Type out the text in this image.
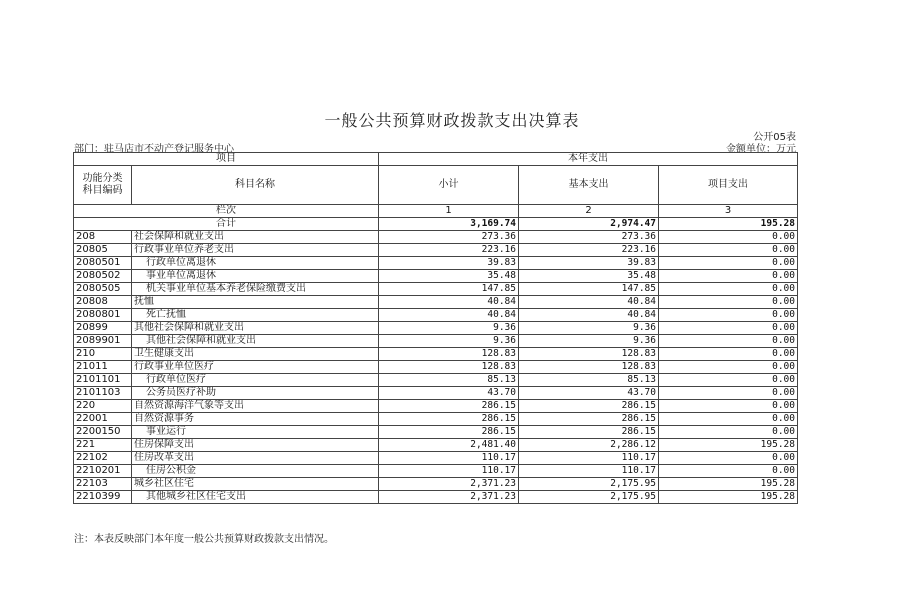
一般公共预算财政拨款支出决算表
公开05表
部门：驻马店市不动产登记服务中心	金额单位：万元
项目		本年支出		
功能分类
科目编码	科目名称	小计	基本支出	项目支出
栏次		1	2	3
合计		3,169.74	2,974.47	195.28
208	社会保障和就业支出	273.36	273.36	0.00
20805	行政事业单位养老支出	223.16	223.16	0.00
2080501	行政单位离退休	39.83	39.83	0.00
2080502	事业单位离退休	35.48	35.48	0.00
2080505	机关事业单位基本养老保险缴费支出	147.85	147.85	0.00
20808	抚恤	40.84	40.84	0.00
2080801	死亡抚恤	40.84	40.84	0.00
20899	其他社会保障和就业支出	9.36	9.36	0.00
2089901	其他社会保障和就业支出	9.36	9.36	0.00
210	卫生健康支出	128.83	128.83	0.00
21011	行政事业单位医疗	128.83	128.83	0.00
2101101	行政单位医疗	85.13	85.13	0.00
2101103	公务员医疗补助	43.70	43.70	0.00
220	自然资源海洋气象等支出	286.15	286.15	0.00
22001	自然资源事务	286.15	286.15	0.00
2200150	事业运行	286.15	286.15	0.00
221	住房保障支出	2,481.40	2,286.12	195.28
22102	住房改革支出	110.17	110.17	0.00
2210201	住房公积金	110.17	110.17	0.00
22103	城乡社区住宅	2,371.23	2,175.95	195.28
2210399	其他城乡社区住宅支出	2,371.23	2,175.95	195.28
注：本表反映部门本年度一般公共预算财政拨款支出情况。
